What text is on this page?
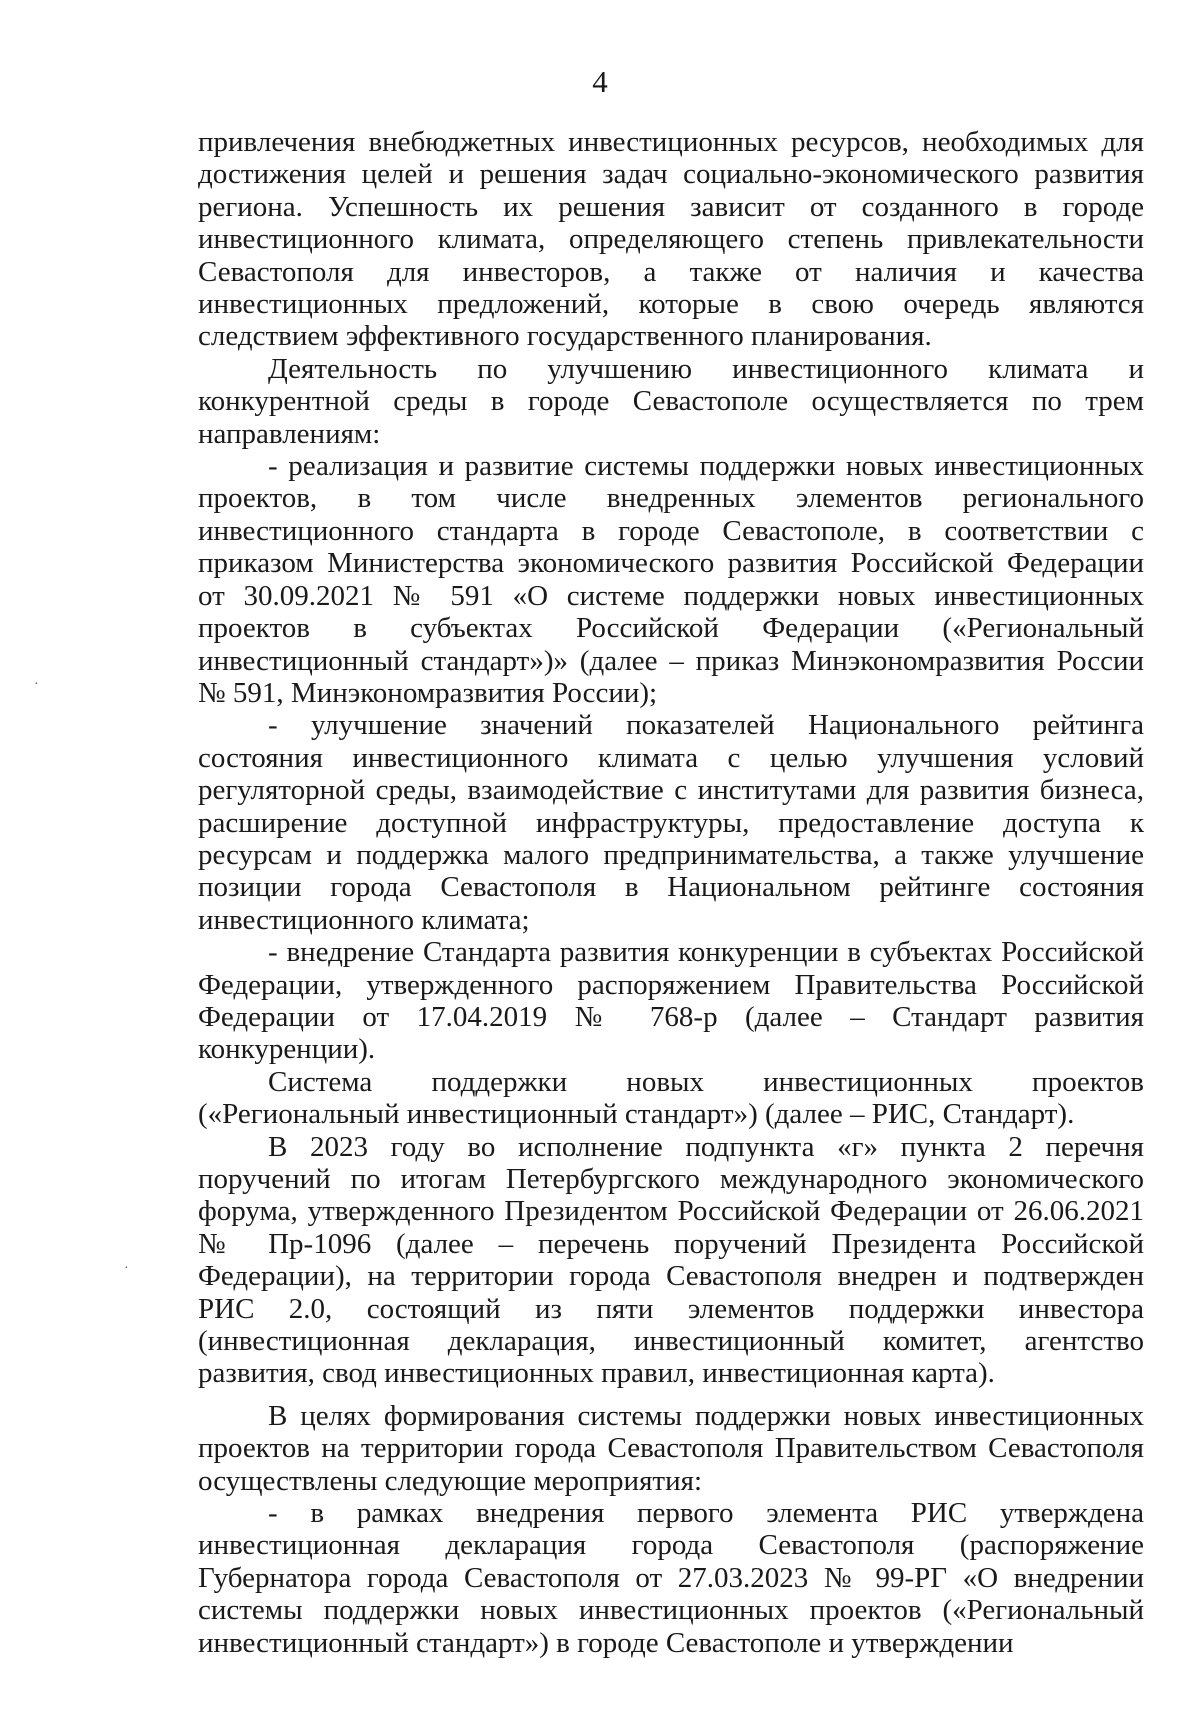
4

привлечения внебюджетных инвестиционных ресурсов, необходимых для достижения целей и решения задач социально-экономического развития региона. Успешность их решения зависит от созданного в городе инвестиционного климата, определяющего степень привлекательности Севастополя для инвесторов, а также от наличия и качества инвестиционных предложений, которые в свою очередь являются следствием эффективного государственного планирования.

Деятельность по улучшению инвестиционного климата и конкурентной среды в городе Севастополе осуществляется по трем направлениям:

- реализация и развитие системы поддержки новых инвестиционных проектов, в том числе внедренных элементов регионального инвестиционного стандарта в городе Севастополе, в соответствии с приказом Министерства экономического развития Российской Федерации от 30.09.2021 № 591 «О системе поддержки новых инвестиционных проектов в субъектах Российской Федерации («Региональный инвестиционный стандарт»)» (далее – приказ Минэкономразвития России № 591, Минэкономразвития России);

- улучшение значений показателей Национального рейтинга состояния инвестиционного климата с целью улучшения условий регуляторной среды, взаимодействие с институтами для развития бизнеса, расширение доступной инфраструктуры, предоставление доступа к ресурсам и поддержка малого предпринимательства, а также улучшение позиции города Севастополя в Национальном рейтинге состояния инвестиционного климата;

- внедрение Стандарта развития конкуренции в субъектах Российской Федерации, утвержденного распоряжением Правительства Российской Федерации от 17.04.2019 № 768-р (далее – Стандарт развития конкуренции).

Система поддержки новых инвестиционных проектов («Региональный инвестиционный стандарт») (далее – РИС, Стандарт).

В 2023 году во исполнение подпункта «г» пункта 2 перечня поручений по итогам Петербургского международного экономического форума, утвержденного Президентом Российской Федерации от 26.06.2021 № Пр-1096 (далее – перечень поручений Президента Российской Федерации), на территории города Севастополя внедрен и подтвержден РИС 2.0, состоящий из пяти элементов поддержки инвестора (инвестиционная декларация, инвестиционный комитет, агентство развития, свод инвестиционных правил, инвестиционная карта).

В целях формирования системы поддержки новых инвестиционных проектов на территории города Севастополя Правительством Севастополя осуществлены следующие мероприятия:

- в рамках внедрения первого элемента РИС утверждена инвестиционная декларация города Севастополя (распоряжение Губернатора города Севастополя от 27.03.2023 № 99-РГ «О внедрении системы поддержки новых инвестиционных проектов («Региональный инвестиционный стандарт») в городе Севастополе и утверждении

·
·
